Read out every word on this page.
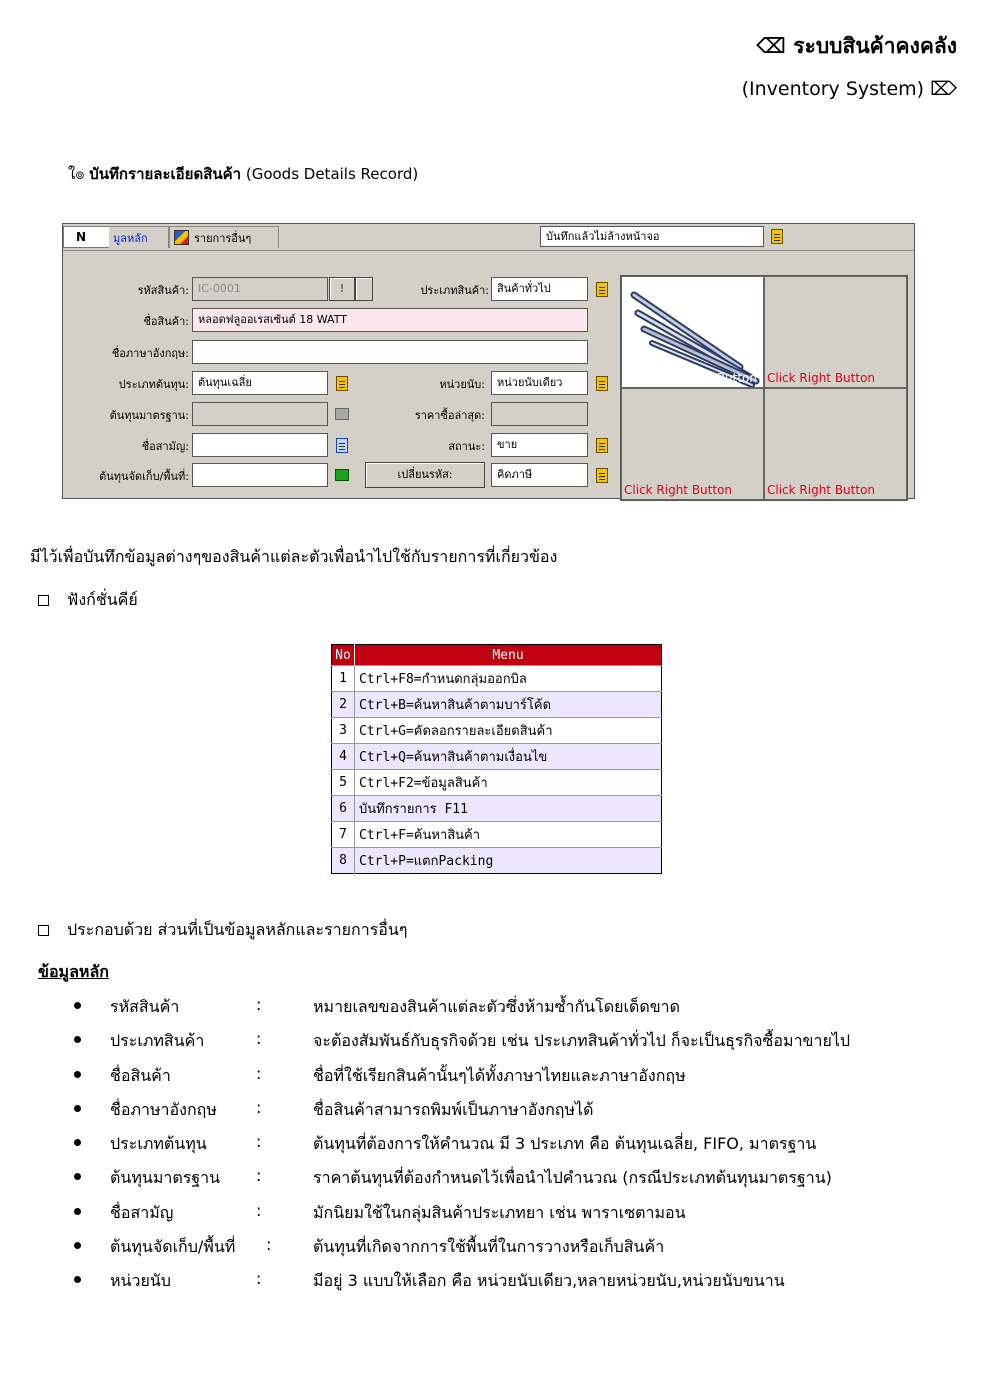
⌫ ระบบสินค้าคงคลัง
(Inventory System) ⌦
ใ๏ บันทึกรายละเอียดสินค้า (Goods Details Record)
N	มูลหลัก	รายการอื่นๆ	บันทึกแล้วไม่ล้างหน้าจอ
รหัสสินค้า: IC-0001	!	ประเภทสินค้า: สินค้าทั่วไป
ชื่อสินค้า: หลอดฟลูออเรสเซ้นต์ 18 WATT
ชื่อภาษาอังกฤษ:
ประเภทต้นทุน: ต้นทุนเฉลี่ย	หน่วยนับ:	หน่วยนับเดียว
ต้นทุนมาตรฐาน:	ราคาซื้อล่าสุด:
ชื่อสามัญ:	สถานะ:	ขาย
ต้นทุนจัดเก็บ/พื้นที่:	เปลี่ยนรหัส:	คิดภาษี
Button Click Right Button
Click Right Button	Click Right Button
มีไว้เพื่อบันทึกข้อมูลต่างๆของสินค้าแต่ละตัวเพื่อนำไปใช้กับรายการที่เกี่ยวข้อง
ฟังก์ชั่นคีย์
No	Menu
1	Ctrl+F8=กำหนดกลุ่มออกบิล
2	Ctrl+B=ค้นหาสินค้าตามบาร์โค้ด
3	Ctrl+G=คัดลอกรายละเอียดสินค้า
4	Ctrl+Q=ค้นหาสินค้าตามเงื่อนไข
5	Ctrl+F2=ข้อมูลสินค้า
6	บันทึกรายการ F11
7	Ctrl+F=ค้นหาสินค้า
8	Ctrl+P=แตกPacking
ประกอบด้วย ส่วนที่เป็นข้อมูลหลักและรายการอื่นๆ
ข้อมูลหลัก
รหัสสินค้า	:	หมายเลขของสินค้าแต่ละตัวซึ่งห้ามซ้ำกันโดยเด็ดขาด
ประเภทสินค้า	:	จะต้องสัมพันธ์กับธุรกิจด้วย เช่น ประเภทสินค้าทั่วไป ก็จะเป็นธุรกิจซื้อมาขายไป
ชื่อสินค้า	:	ชื่อที่ใช้เรียกสินค้านั้นๆได้ทั้งภาษาไทยและภาษาอังกฤษ
ชื่อภาษาอังกฤษ :	ชื่อสินค้าสามารถพิมพ์เป็นภาษาอังกฤษได้
ประเภทต้นทุน	:	ต้นทุนที่ต้องการให้คำนวณ มี 3 ประเภท คือ ต้นทุนเฉลี่ย, FIFO, มาตรฐาน
ต้นทุนมาตรฐาน :	ราคาต้นทุนที่ต้องกำหนดไว้เพื่อนำไปคำนวณ (กรณีประเภทต้นทุนมาตรฐาน)
ชื่อสามัญ	:	มักนิยมใช้ในกลุ่มสินค้าประเภทยา เช่น พาราเซตามอน
ต้นทุนจัดเก็บ/พื้นที่ :	ต้นทุนที่เกิดจากการใช้พื้นที่ในการวางหรือเก็บสินค้า
หน่วยนับ	:	มีอยู่ 3 แบบให้เลือก คือ หน่วยนับเดียว,หลายหน่วยนับ,หน่วยนับขนาน
